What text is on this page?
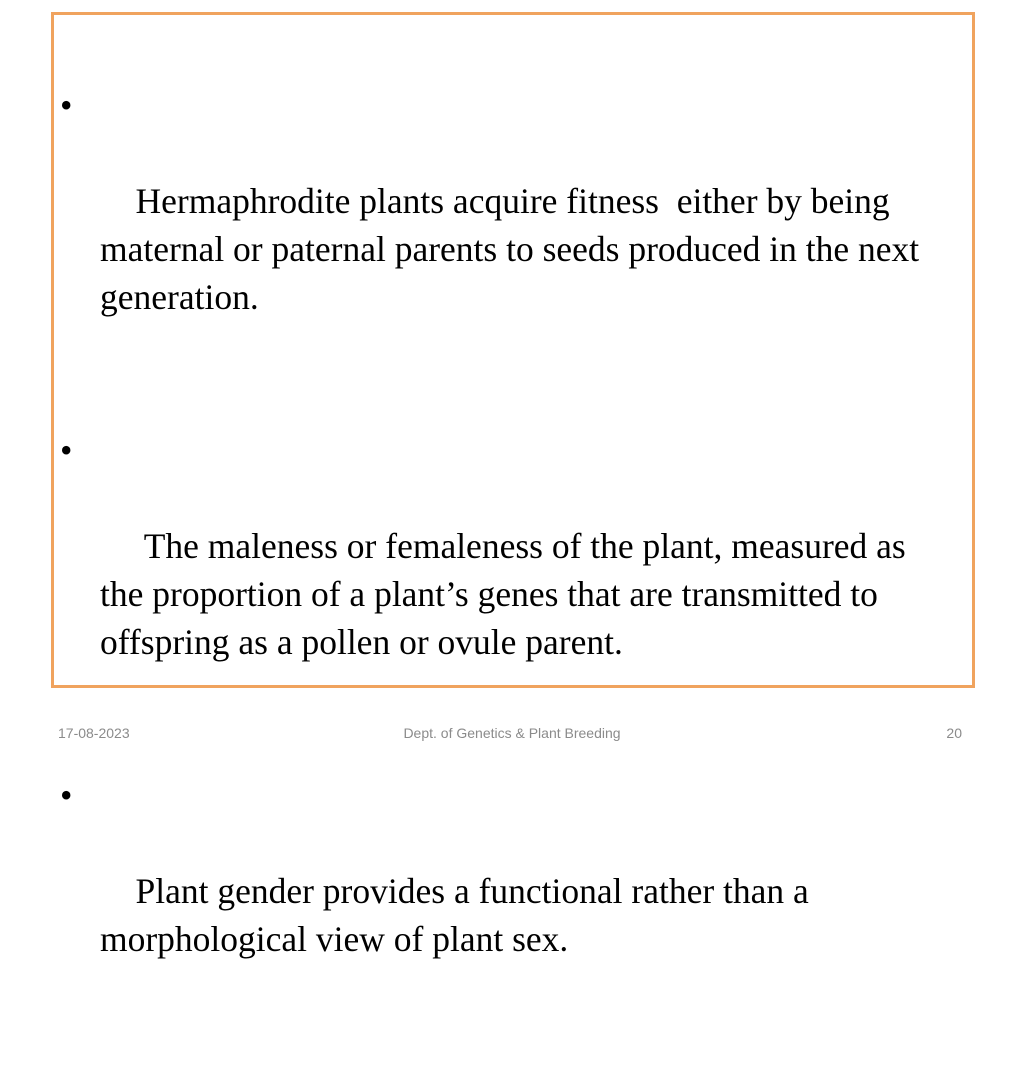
•

Hermaphrodite plants acquire fitness  either by being maternal or paternal parents to seeds produced in the next generation.

•

The maleness or femaleness of the plant, measured as the proportion of a plant’s genes that are transmitted to offspring as a pollen or ovule parent.

•

Plant gender provides a functional rather than a morphological view of plant sex.

17-08-2023	Dept. of Genetics & Plant Breeding	20
